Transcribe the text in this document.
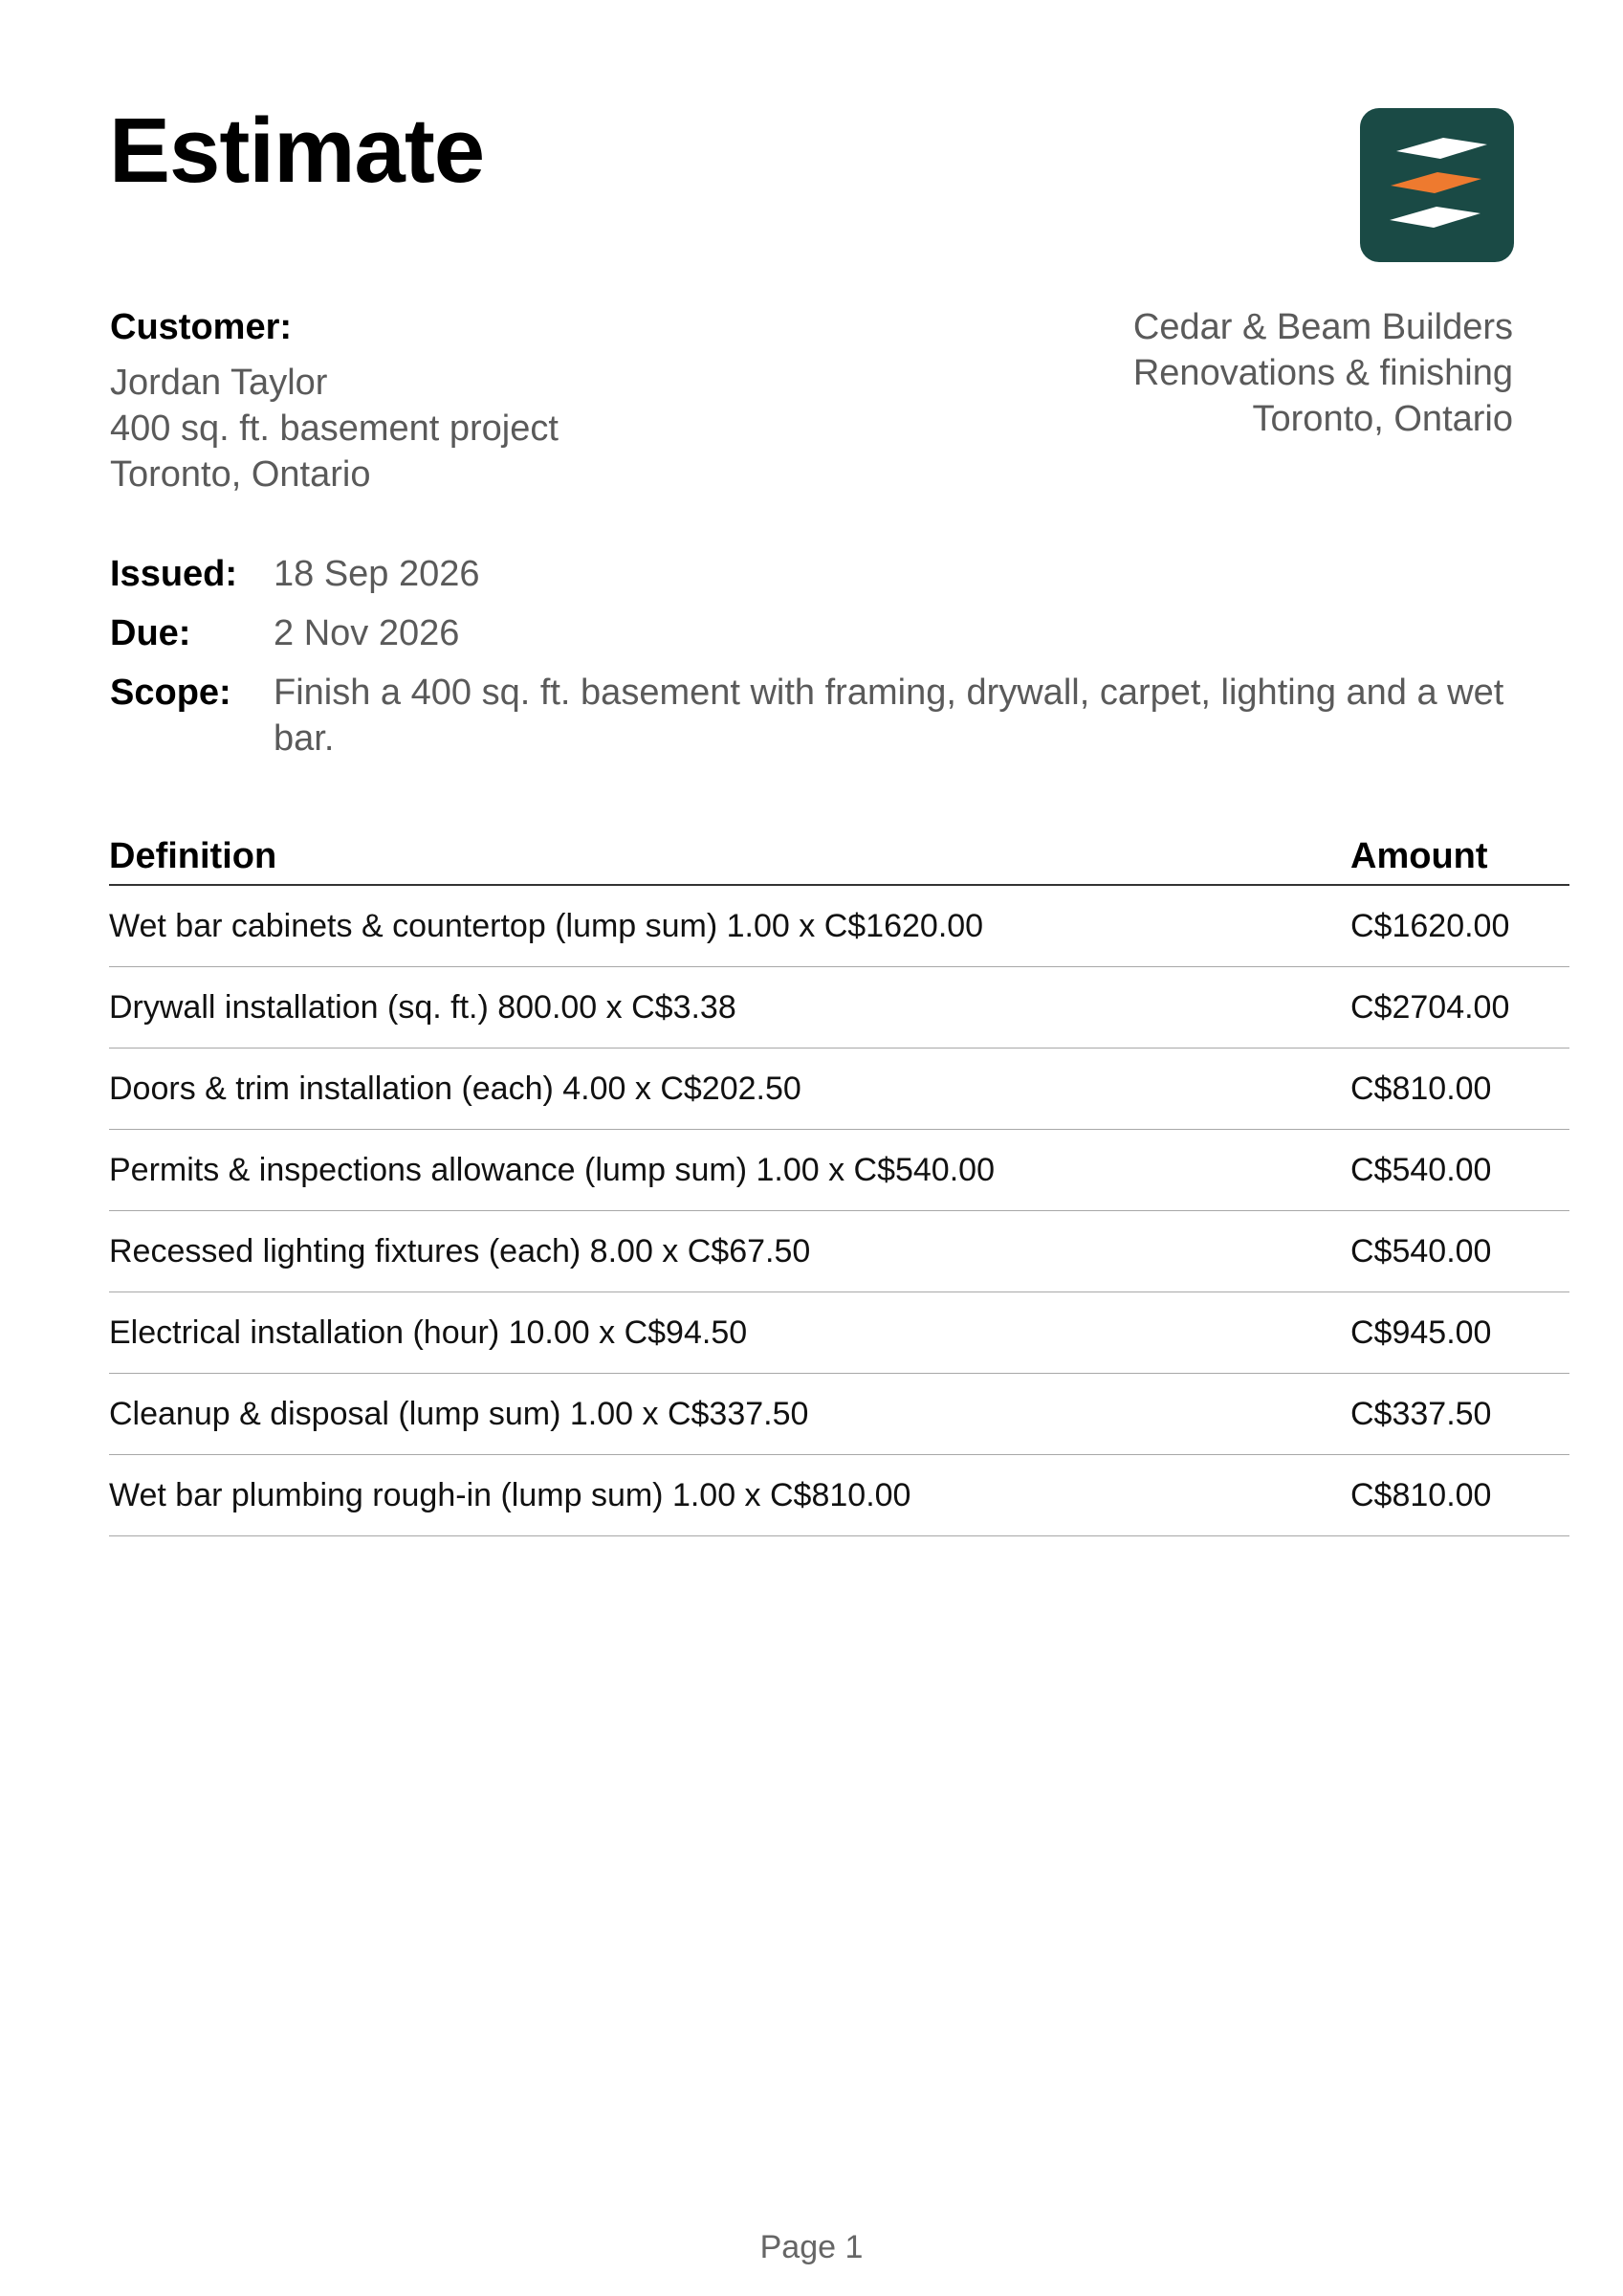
Estimate
Customer:
Jordan Taylor
400 sq. ft. basement project
Toronto, Ontario
Cedar & Beam Builders
Renovations & finishing
Toronto, Ontario
Issued: 18 Sep 2026
Due:	2 Nov 2026
Scope:	Finish a 400 sq. ft. basement with framing, drywall, carpet, lighting and a wet bar.
Definition	Amount
Wet bar cabinets & countertop (lump sum) 1.00 x C$1620.00	C$1620.00
Drywall installation (sq. ft.) 800.00 x C$3.38	C$2704.00
Doors & trim installation (each) 4.00 x C$202.50	C$810.00
Permits & inspections allowance (lump sum) 1.00 x C$540.00	C$540.00
Recessed lighting fixtures (each) 8.00 x C$67.50	C$540.00
Electrical installation (hour) 10.00 x C$94.50	C$945.00
Cleanup & disposal (lump sum) 1.00 x C$337.50	C$337.50
Wet bar plumbing rough-in (lump sum) 1.00 x C$810.00	C$810.00
Page 1
